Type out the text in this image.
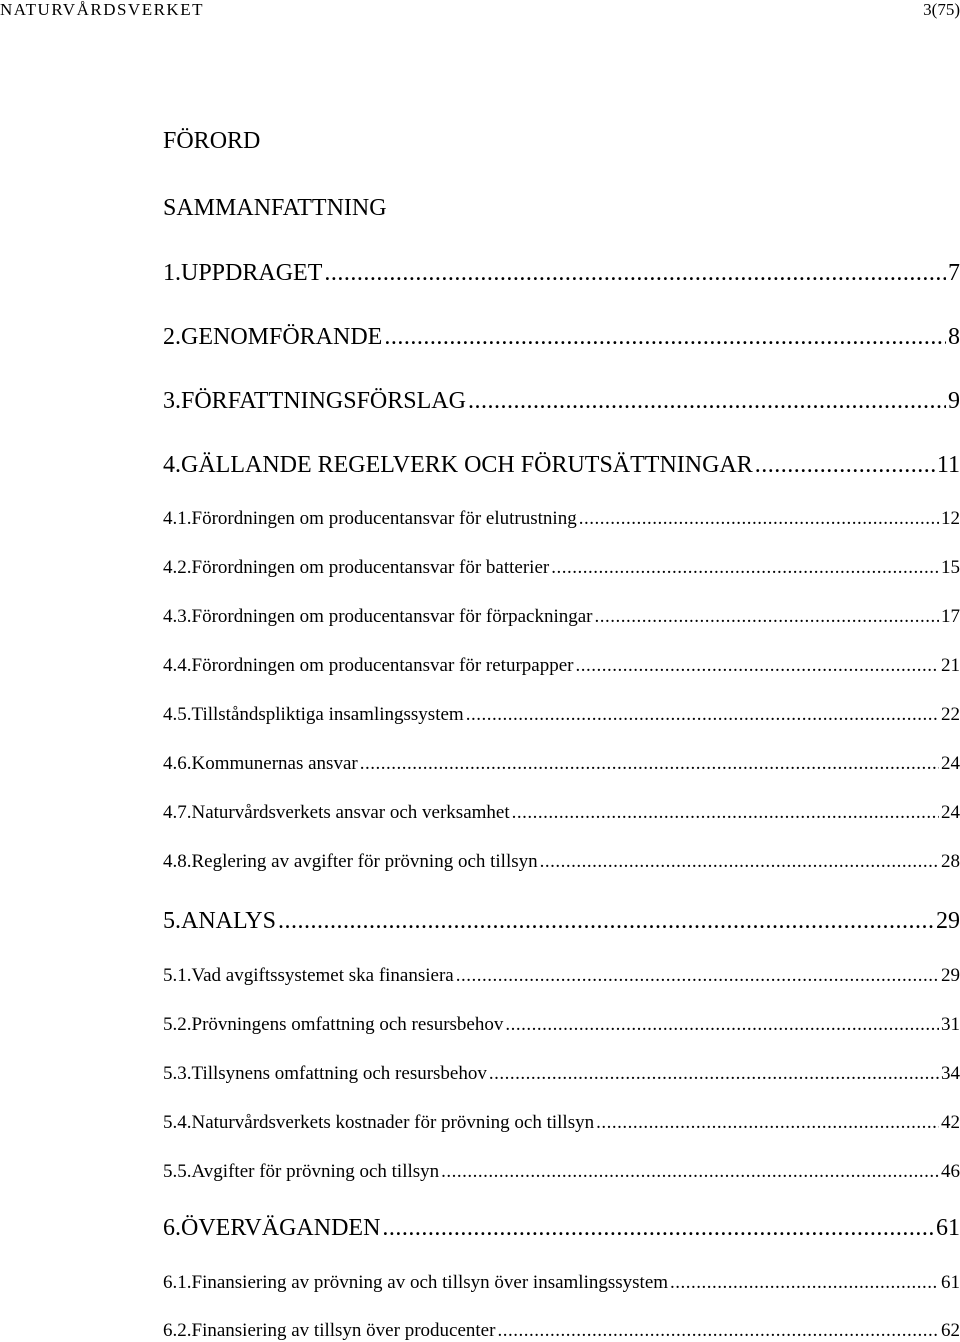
NATURVÅRDSVERKET	3(75)
FÖRORD
SAMMANFATTNING
1. UPPDRAGET .....	7
2. GENOMFÖRANDE .....	8
3. FÖRFATTNINGSFÖRSLAG .....	9
4. GÄLLANDE REGELVERK OCH FÖRUTSÄTTNINGAR .....	11
4.1. Förordningen om producentansvar för elutrustning .....	12
4.2. Förordningen om producentansvar för batterier .....	15
4.3. Förordningen om producentansvar för förpackningar .....	17
4.4. Förordningen om producentansvar för returpapper .....	21
4.5. Tillståndspliktiga insamlingssystem .....	22
4.6. Kommunernas ansvar .....	24
4.7. Naturvårdsverkets ansvar och verksamhet .....	24
4.8. Reglering av avgifter för prövning och tillsyn .....	28
5. ANALYS .....	29
5.1. Vad avgiftssystemet ska finansiera .....	29
5.2. Prövningens omfattning och resursbehov .....	31
5.3. Tillsynens omfattning och resursbehov .....	34
5.4. Naturvårdsverkets kostnader för prövning och tillsyn .....	42
5.5. Avgifter för prövning och tillsyn .....	46
6. ÖVERVÄGANDEN .....	61
6.1. Finansiering av prövning av och tillsyn över insamlingssystem .....	61
6.2. Finansiering av tillsyn över producenter .....	62
